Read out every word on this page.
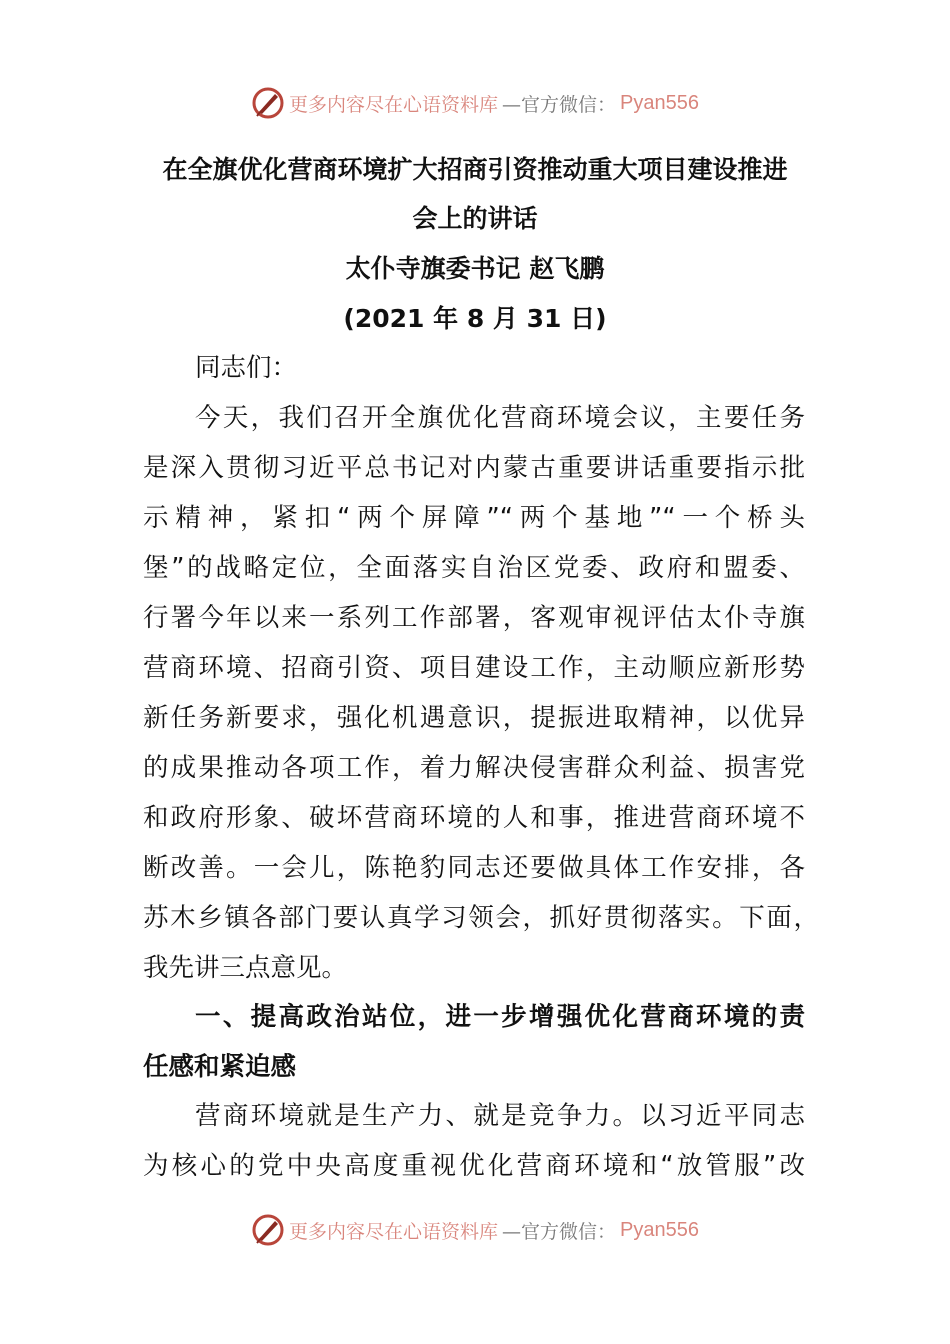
更多内容尽在心语资料库 —官方微信： Pyan556
在全旗优化营商环境扩大招商引资推动重大项目建设推进
会上的讲话
太仆寺旗委书记 赵飞鹏
(2021 年 8 月 31 日)
同志们：
今天，我们召开全旗优化营商环境会议，主要任务
是深入贯彻习近平总书记对内蒙古重要讲话重要指示批
示精神，紧扣“两个屏障”“两个基地”“一个桥头
堡”的战略定位，全面落实自治区党委、政府和盟委、
行署今年以来一系列工作部署，客观审视评估太仆寺旗
营商环境、招商引资、项目建设工作，主动顺应新形势
新任务新要求，强化机遇意识，提振进取精神，以优异
的成果推动各项工作，着力解决侵害群众利益、损害党
和政府形象、破坏营商环境的人和事，推进营商环境不
断改善。一会儿，陈艳豹同志还要做具体工作安排，各
苏木乡镇各部门要认真学习领会，抓好贯彻落实。下面，
我先讲三点意见。
一、提高政治站位，进一步增强优化营商环境的责
任感和紧迫感
营商环境就是生产力、就是竞争力。以习近平同志
为核心的党中央高度重视优化营商环境和“放管服”改
更多内容尽在心语资料库 —官方微信： Pyan556
